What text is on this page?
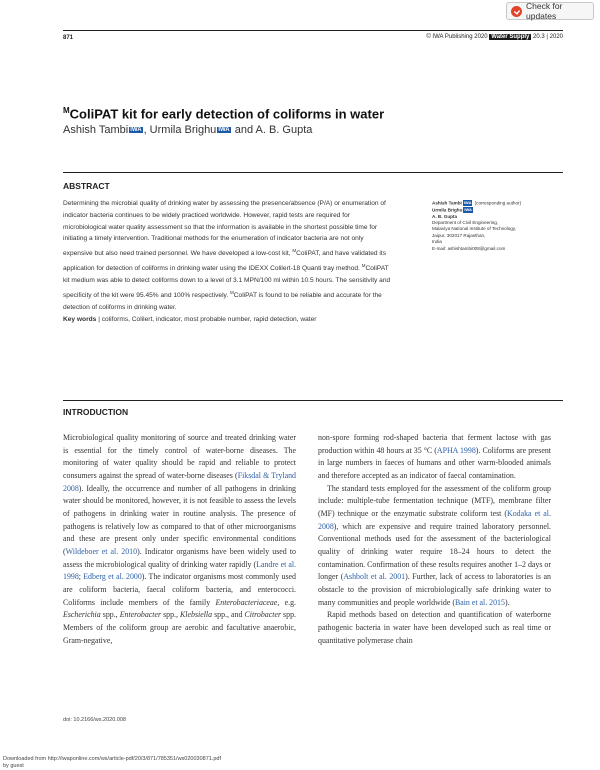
Check for updates
871	© IWA Publishing 2020 Water Supply 20.3 | 2020
$^M$ColiPAT kit for early detection of coliforms in water
Ashish Tambi IWA , Urmila Brighu IWA and A. B. Gupta
ABSTRACT
Determining the microbial quality of drinking water by assessing the presence/absence (P/A) or enumeration of indicator bacteria continues to be widely practiced worldwide. However, rapid tests are required for microbiological water quality assessment so that the information is available in the shortest possible time for initiating a timely intervention. Traditional methods for the enumeration of indicator bacteria are not only expensive but also need trained personnel. We have developed a low-cost kit, $^M$ColiPAT, and have validated its application for detection of coliforms in drinking water using the IDEXX Colilert-18 Quanti tray method. $^M$ColiPAT kit medium was able to detect coliforms down to a level of 3.1 MPN/100 ml within 10.5 hours. The sensitivity and specificity of the kit were 95.45% and 100% respectively. $^M$ColiPAT is found to be reliable and accurate for the detection of coliforms in drinking water.
Key words | coliforms, Colilert, indicator, most probable number, rapid detection, water
Ashish Tambi IWA (corresponding author)
Urmila Brighu IWA
A. B. Gupta
Department of Civil Engineering,
Malaviya National Institute of Technology,
Jaipur, 302017 Rajasthan,
India
E-mail: ashishtambi008@gmail.com
INTRODUCTION

Microbiological quality monitoring of source and treated drinking water is essential for the timely control of water-borne diseases. The monitoring of water quality should be rapid and reliable to protect consumers against the spread of water-borne diseases (Fiksdal & Tryland 2008). Ideally, the occurrence and number of all pathogens in drinking water should be monitored, however, it is not feasible to assess the levels of pathogens in drinking water in routine analysis. The presence of pathogens is relatively low as compared to that of other microorganisms and these are present only under specific environmental conditions (Wildeboer et al. 2010). Indicator organisms have been widely used to assess the microbiological quality of drinking water rapidly (Landre et al. 1998; Edberg et al. 2000). The indicator organisms most commonly used are coliform bacteria, faecal coliform bacteria, and enterococci. Coliforms include members of the family Enterobacteriaceae, e.g. Escherichia spp., Enterobacter spp., Klebsiella spp., and Citrobacter spp. Members of the coliform group are aerobic and facultative anaerobic, Gram-negative,

non-spore forming rod-shaped bacteria that ferment lactose with gas production within 48 hours at 35 °C (APHA 1998). Coliforms are present in large numbers in faeces of humans and other warm-blooded animals and therefore accepted as an indicator of faecal contamination.

The standard tests employed for the assessment of the coliform group include: multiple-tube fermentation technique (MTF), membrane filter (MF) technique or the enzymatic substrate coliform test (Kodaka et al. 2008), which are expensive and require trained laboratory personnel. Conventional methods used for the assessment of the bacteriological quality of drinking water require 18–24 hours to detect the contamination. Confirmation of these results requires another 1–2 days or longer (Ashbolt et al. 2001). Further, lack of access to laboratories is an obstacle to the provision of microbiologically safe drinking water to many communities and people worldwide (Bain et al. 2015).

Rapid methods based on detection and quantification of waterborne pathogenic bacteria in water have been developed such as real time or quantitative polymerase chain

doi: 10.2166/ws.2020.008
Downloaded from http://iwaponline.com/ws/article-pdf/20/3/871/785351/ws020030871.pdf
by guest
